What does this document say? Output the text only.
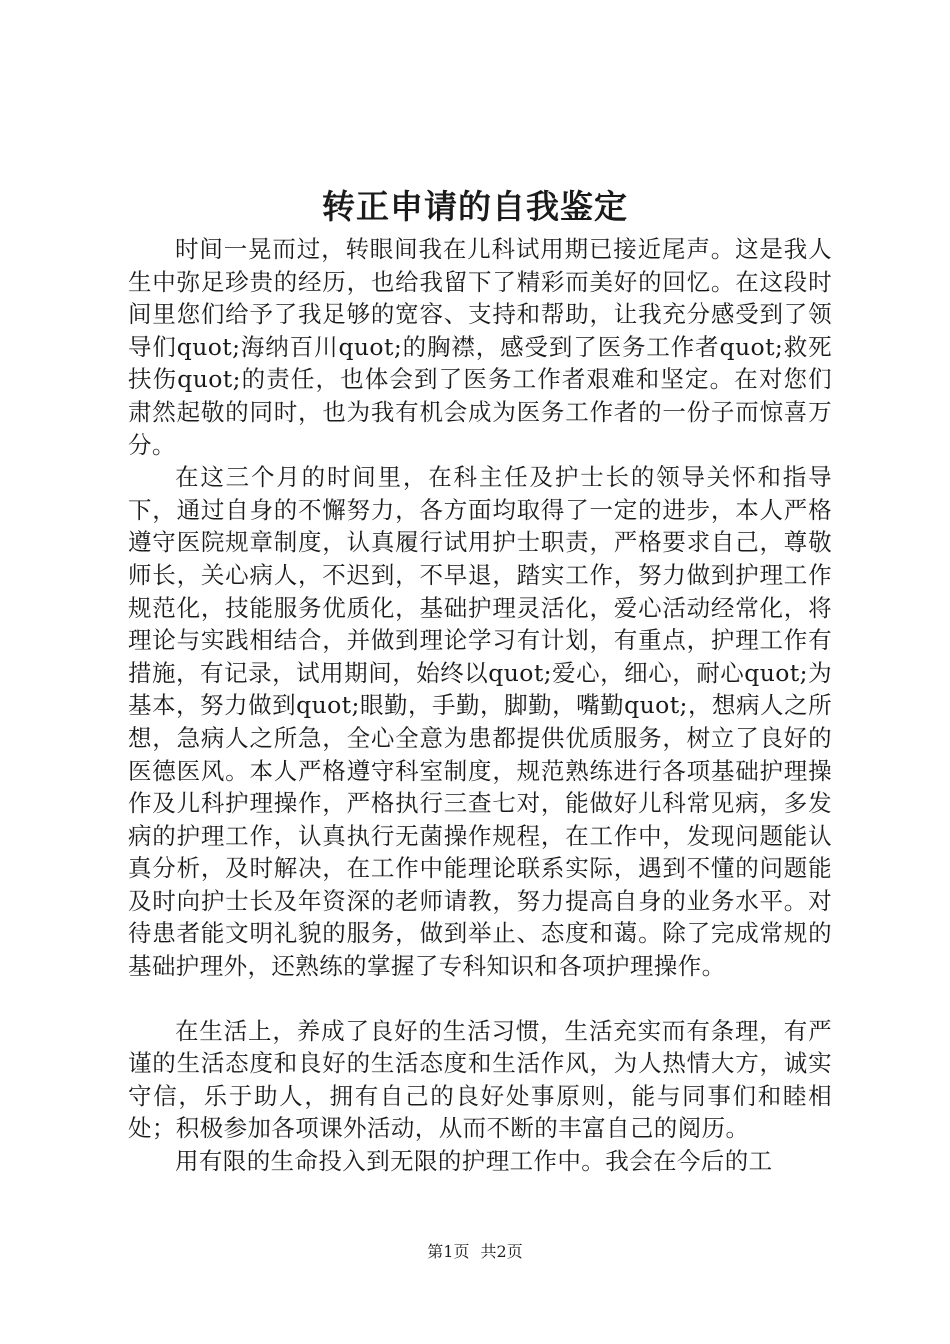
转正申请的自我鉴定

时间一晃而过，转眼间我在儿科试用期已接近尾声。这是我人生中弥足珍贵的经历，也给我留下了精彩而美好的回忆。在这段时间里您们给予了我足够的宽容、支持和帮助，让我充分感受到了领导们quot;海纳百川quot;的胸襟，感受到了医务工作者quot;救死扶伤quot;的责任，也体会到了医务工作者艰难和坚定。在对您们肃然起敬的同时，也为我有机会成为医务工作者的一份子而惊喜万分。

在这三个月的时间里，在科主任及护士长的领导关怀和指导下，通过自身的不懈努力，各方面均取得了一定的进步，本人严格遵守医院规章制度，认真履行试用护士职责，严格要求自己，尊敬师长，关心病人，不迟到，不早退，踏实工作，努力做到护理工作规范化，技能服务优质化，基础护理灵活化，爱心活动经常化，将理论与实践相结合，并做到理论学习有计划，有重点，护理工作有措施，有记录，试用期间，始终以quot;爱心，细心，耐心quot;为基本，努力做到quot;眼勤，手勤，脚勤，嘴勤quot;，想病人之所想，急病人之所急，全心全意为患都提供优质服务，树立了良好的医德医风。本人严格遵守科室制度，规范熟练进行各项基础护理操作及儿科护理操作，严格执行三查七对，能做好儿科常见病，多发病的护理工作，认真执行无菌操作规程，在工作中，发现问题能认真分析，及时解决，在工作中能理论联系实际，遇到不懂的问题能及时向护士长及年资深的老师请教，努力提高自身的业务水平。对待患者能文明礼貌的服务，做到举止、态度和蔼。除了完成常规的基础护理外，还熟练的掌握了专科知识和各项护理操作。

在生活上，养成了良好的生活习惯，生活充实而有条理，有严谨的生活态度和良好的生活态度和生活作风，为人热情大方，诚实守信，乐于助人，拥有自己的良好处事原则，能与同事们和睦相处；积极参加各项课外活动，从而不断的丰富自己的阅历。

用有限的生命投入到无限的护理工作中。我会在今后的工

第1页 共2页
